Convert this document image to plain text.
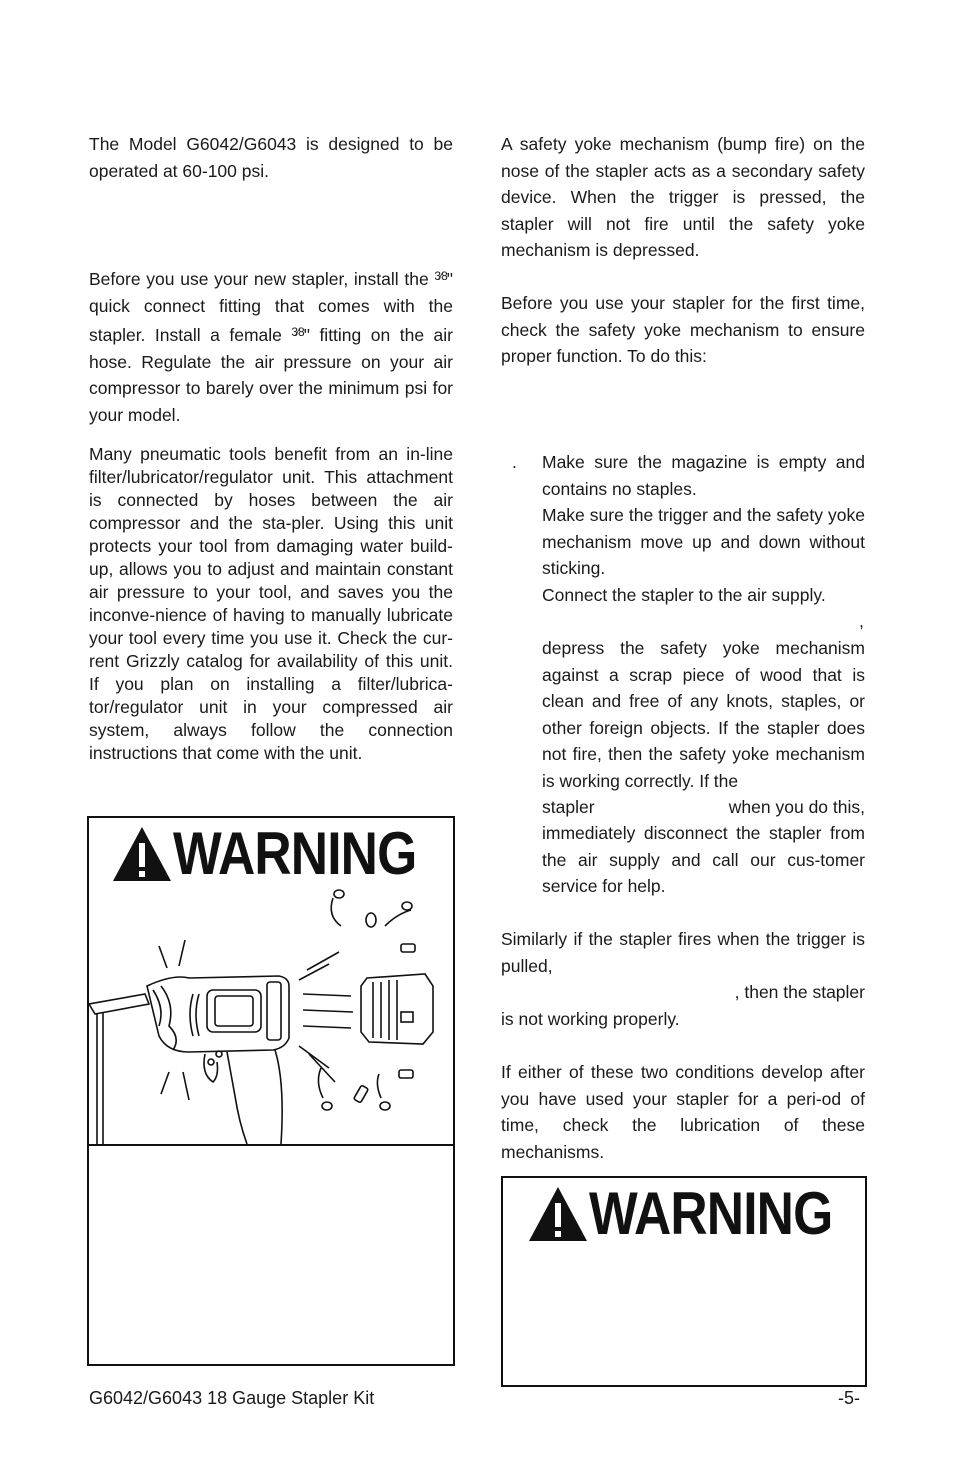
The Model G6042/G6043 is designed to be operated at 60-100 psi.

Before you use your new stapler, install the $^{3⁄8}$" quick connect fitting that comes with the stapler. Install a female $^{3⁄8}$" fitting on the air hose. Regulate the air pressure on your air compressor to barely over the minimum psi for your model.

Many pneumatic tools benefit from an in-line filter/lubricator/regulator unit. This attachment is connected by hoses between the air compressor and the sta-pler. Using this unit protects your tool from damaging water build-up, allows you to adjust and maintain constant air pressure to your tool, and saves you the inconve-nience of having to manually lubricate your tool every time you use it. Check the cur-rent Grizzly catalog for availability of this unit. If you plan on installing a filter/lubrica-tor/regulator unit in your compressed air system, always follow the connection instructions that come with the unit.

WARNING

A safety yoke mechanism (bump fire) on the nose of the stapler acts as a secondary safety device. When the trigger is pressed, the stapler will not fire until the safety yoke mechanism is depressed.

Before you use your stapler for the first time, check the safety yoke mechanism to ensure proper function. To do this:

. Make sure the magazine is empty and contains no staples.

Make sure the trigger and the safety yoke mechanism move up and down without sticking.

Connect the stapler to the air supply.

,

depress the safety yoke mechanism against a scrap piece of wood that is clean and free of any knots, staples, or other foreign objects. If the stapler does not fire, then the safety yoke mechanism is working correctly. If the

stapler	when you do this,

immediately disconnect the stapler from the air supply and call our cus-tomer service for help.

Similarly if the stapler fires when the trigger is pulled,

, then the stapler

is not working properly.

If either of these two conditions develop after you have used your stapler for a peri-od of time, check the lubrication of these mechanisms.

WARNING
G6042/G6043 18 Gauge Stapler Kit	-5-
